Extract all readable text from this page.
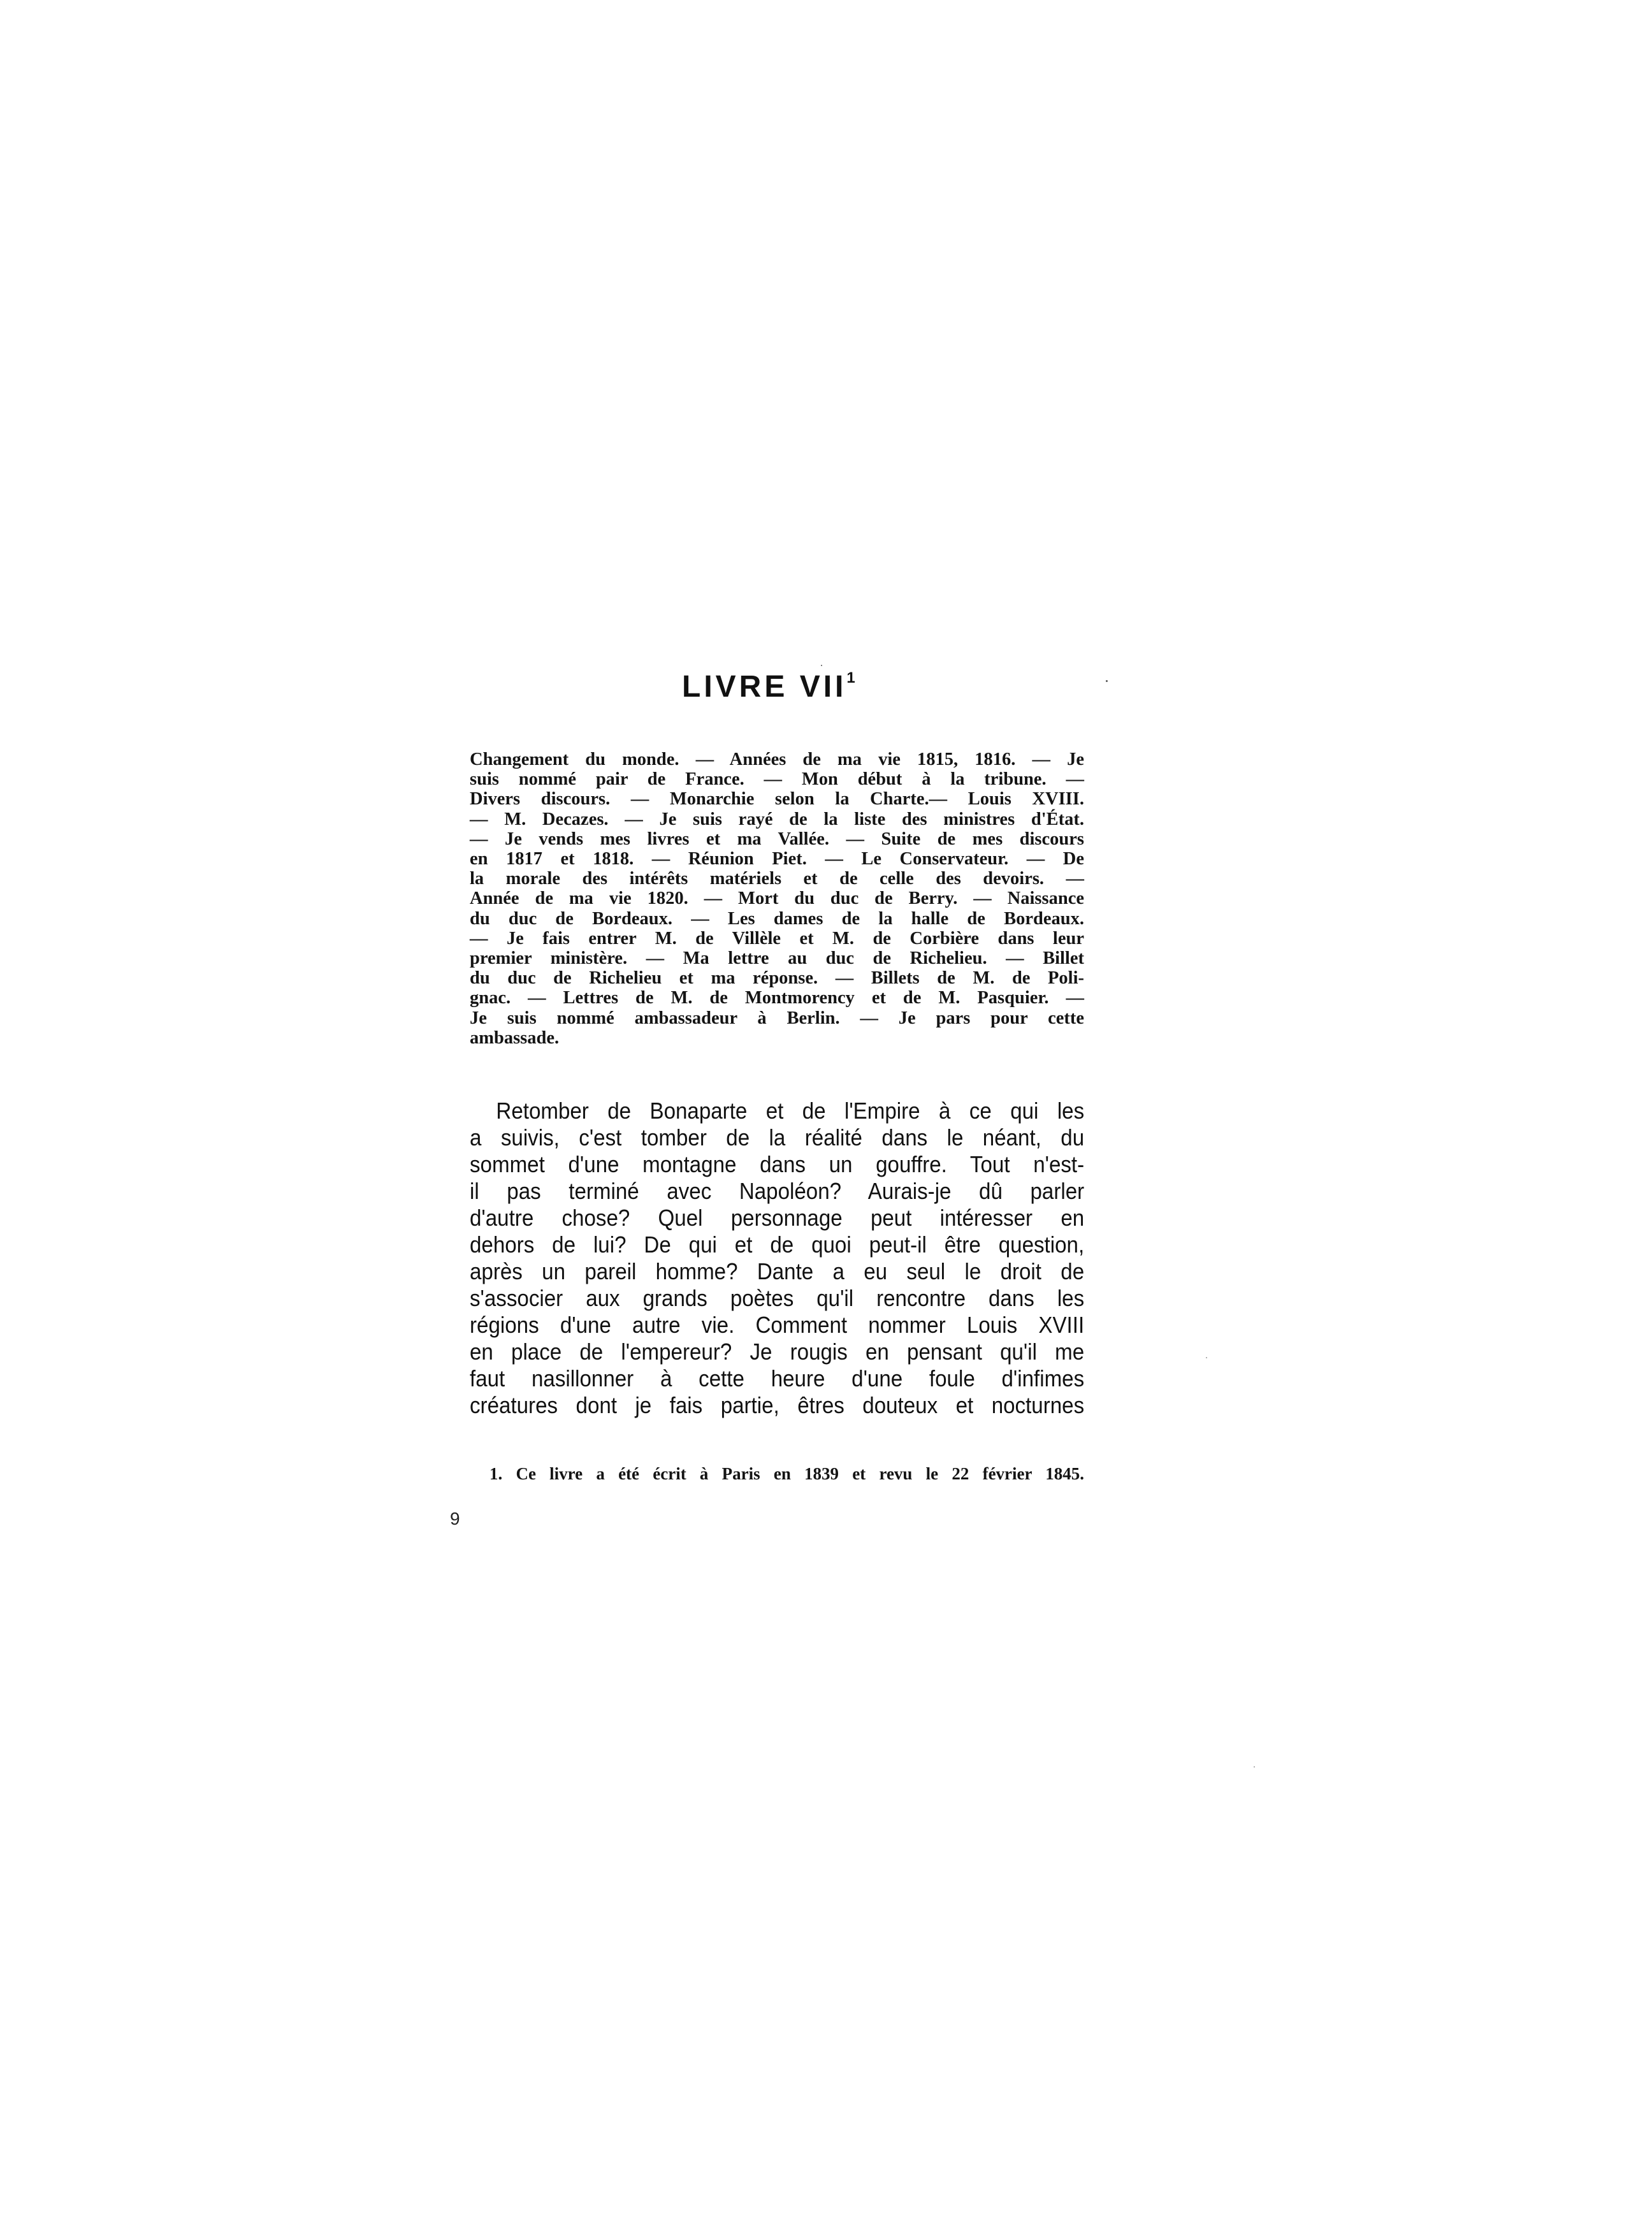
LIVRE VII$^1$
Changement du monde. — Années de ma vie 1815, 1816. — Je
suis nommé pair de France. — Mon début à la tribune. —
Divers discours. — Monarchie selon la Charte.— Louis XVIII.
— M. Decazes. — Je suis rayé de la liste des ministres d'État.
— Je vends mes livres et ma Vallée. — Suite de mes discours
en 1817 et 1818. — Réunion Piet. — Le Conservateur. — De
la morale des intérêts matériels et de celle des devoirs. —
Année de ma vie 1820. — Mort du duc de Berry. — Naissance
du duc de Bordeaux. — Les dames de la halle de Bordeaux.
— Je fais entrer M. de Villèle et M. de Corbière dans leur
premier ministère. — Ma lettre au duc de Richelieu. — Billet
du duc de Richelieu et ma réponse. — Billets de M. de Poli-
gnac. — Lettres de M. de Montmorency et de M. Pasquier. —
Je suis nommé ambassadeur à Berlin. — Je pars pour cette
ambassade.
Retomber de Bonaparte et de l'Empire à ce qui les
a suivis, c'est tomber de la réalité dans le néant, du
sommet d'une montagne dans un gouffre. Tout n'est-
il pas terminé avec Napoléon? Aurais-je dû parler
d'autre chose? Quel personnage peut intéresser en
dehors de lui? De qui et de quoi peut-il être question,
après un pareil homme? Dante a eu seul le droit de
s'associer aux grands poètes qu'il rencontre dans les
régions d'une autre vie. Comment nommer Louis XVIII
en place de l'empereur? Je rougis en pensant qu'il me
faut nasillonner à cette heure d'une foule d'infimes
créatures dont je fais partie, êtres douteux et nocturnes
1. Ce livre a été écrit à Paris en 1839 et revu le 22 février 1845.
9
